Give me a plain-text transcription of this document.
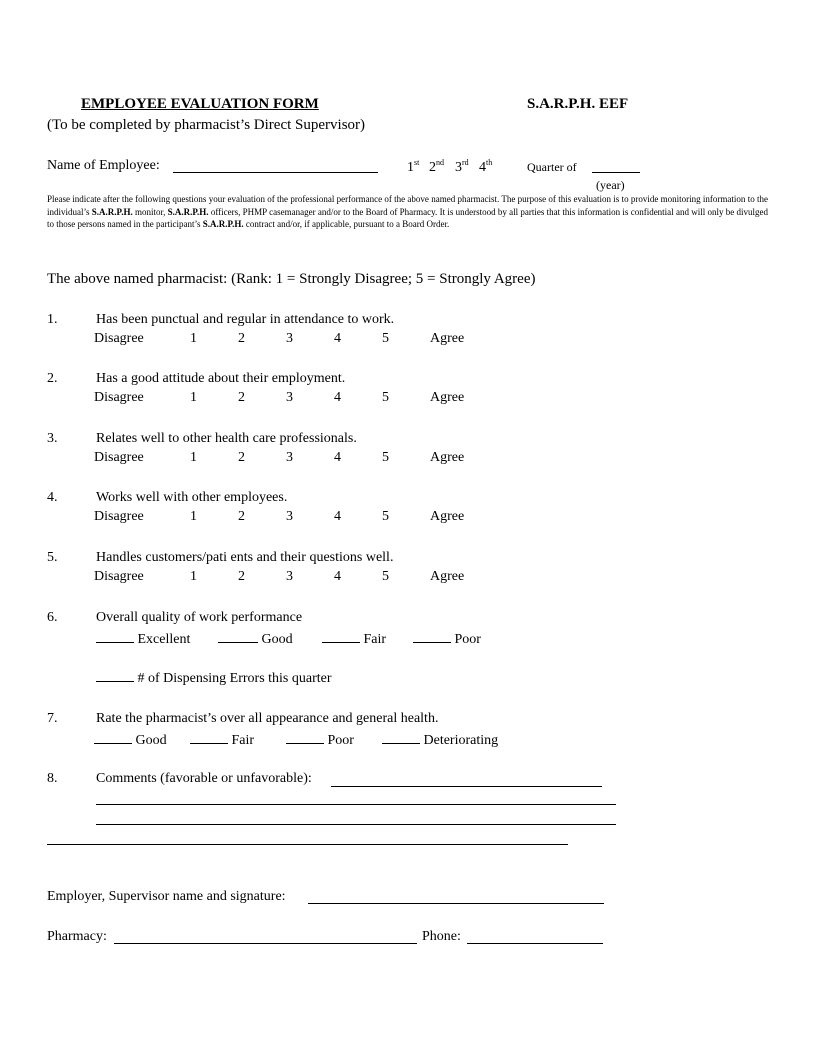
EMPLOYEE EVALUATION FORM	S.A.R.P.H. EEF
(To be completed by pharmacist’s Direct Supervisor)
Name of Employee:	1st 2nd 3rd 4th	Quarter of
(year)
Please indicate after the following questions your evaluation of the professional performance of the above named pharmacist. The purpose of this evaluation is to provide monitoring information to the individual’s S.A.R.P.H. monitor, S.A.R.P.H. officers, PHMP casemanager and/or to the Board of Pharmacy. It is understood by all parties that this information is confidential and will only be divulged to those persons named in the participant’s S.A.R.P.H. contract and/or, if applicable, pursuant to a Board Order.
The above named pharmacist: (Rank: 1 = Strongly Disagree; 5 = Strongly Agree)
1.	Has been punctual and regular in attendance to work.
Disagree	1	2	3	4	5	Agree
2.	Has a good attitude about their employment.
Disagree	1	2	3	4	5	Agree
3.	Relates well to other health care professionals.
Disagree	1	2	3	4	5	Agree
4.	Works well with other employees.
Disagree	1	2	3	4	5	Agree
5.	Handles customers/pati ents and their questions well.
Disagree	1	2	3	4	5	Agree
6.	Overall quality of work performance
Excellent	Good	Fair	Poor
# of Dispensing Errors this quarter
7.	Rate the pharmacist’s over all appearance and general health.
Good	Fair	Poor	Deteriorating
8.	Comments (favorable or unfavorable):
Employer, Supervisor name and signature:
Pharmacy:	Phone:
